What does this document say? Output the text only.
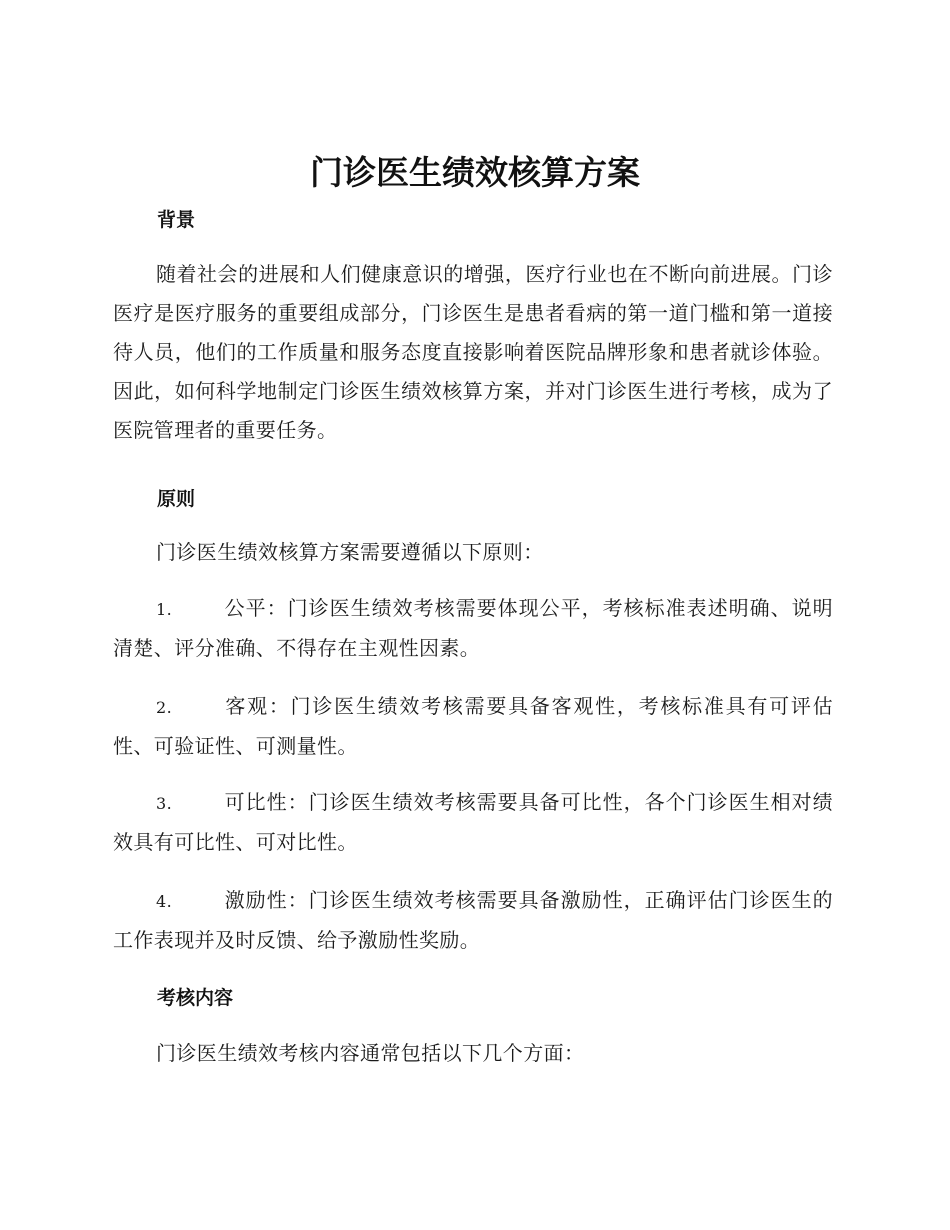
门诊医生绩效核算方案
背景

随着社会的进展和人们健康意识的增强，医疗行业也在不断向前进展。门诊医疗是医疗服务的重要组成部分，门诊医生是患者看病的第一道门槛和第一道接待人员，他们的工作质量和服务态度直接影响着医院品牌形象和患者就诊体验。因此，如何科学地制定门诊医生绩效核算方案，并对门诊医生进行考核，成为了医院管理者的重要任务。

原则

门诊医生绩效核算方案需要遵循以下原则：

1.	公平：门诊医生绩效考核需要体现公平，考核标准表述明确、说明清楚、评分准确、不得存在主观性因素。

2.	客观：门诊医生绩效考核需要具备客观性，考核标准具有可评估性、可验证性、可测量性。

3.	可比性：门诊医生绩效考核需要具备可比性，各个门诊医生相对绩效具有可比性、可对比性。

4.	激励性：门诊医生绩效考核需要具备激励性，正确评估门诊医生的工作表现并及时反馈、给予激励性奖励。

考核内容

门诊医生绩效考核内容通常包括以下几个方面：
